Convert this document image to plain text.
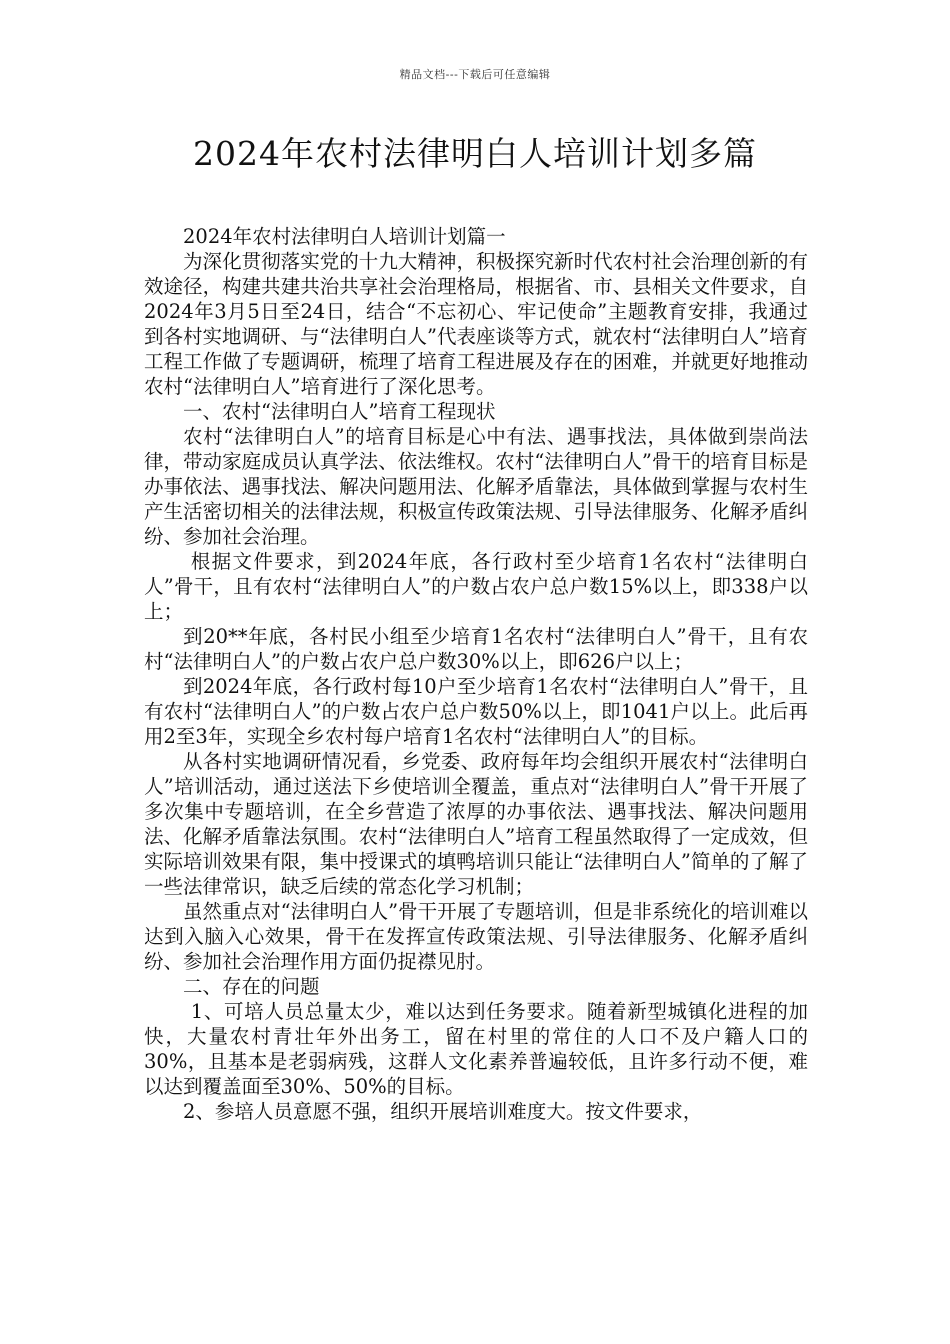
精品文档---下载后可任意编辑
2024年农村法律明白人培训计划多篇

2024年农村法律明白人培训计划篇一

为深化贯彻落实党的十九大精神，积极探究新时代农村社会治理创新的有效途径，构建共建共治共享社会治理格局，根据省、市、县相关文件要求，自2024年3月5日至24日，结合“不忘初心、牢记使命”主题教育安排，我通过到各村实地调研、与“法律明白人”代表座谈等方式，就农村“法律明白人”培育工程工作做了专题调研，梳理了培育工程进展及存在的困难，并就更好地推动农村“法律明白人”培育进行了深化思考。

一、农村“法律明白人”培育工程现状

农村“法律明白人”的培育目标是心中有法、遇事找法，具体做到崇尚法律，带动家庭成员认真学法、依法维权。农村“法律明白人”骨干的培育目标是办事依法、遇事找法、解决问题用法、化解矛盾靠法，具体做到掌握与农村生产生活密切相关的法律法规，积极宣传政策法规、引导法律服务、化解矛盾纠纷、参加社会治理。

根据文件要求，到2024年底，各行政村至少培育1名农村“法律明白人”骨干，且有农村“法律明白人”的户数占农户总户数15%以上，即338户以上；

到20**年底，各村民小组至少培育1名农村“法律明白人”骨干，且有农村“法律明白人”的户数占农户总户数30%以上，即626户以上；

到2024年底，各行政村每10户至少培育1名农村“法律明白人”骨干，且有农村“法律明白人”的户数占农户总户数50%以上，即1041户以上。此后再用2至3年，实现全乡农村每户培育1名农村“法律明白人”的目标。

从各村实地调研情况看，乡党委、政府每年均会组织开展农村“法律明白人”培训活动，通过送法下乡使培训全覆盖，重点对“法律明白人”骨干开展了多次集中专题培训，在全乡营造了浓厚的办事依法、遇事找法、解决问题用法、化解矛盾靠法氛围。农村“法律明白人”培育工程虽然取得了一定成效，但实际培训效果有限，集中授课式的填鸭培训只能让“法律明白人”简单的了解了一些法律常识，缺乏后续的常态化学习机制；

虽然重点对“法律明白人”骨干开展了专题培训，但是非系统化的培训难以达到入脑入心效果，骨干在发挥宣传政策法规、引导法律服务、化解矛盾纠纷、参加社会治理作用方面仍捉襟见肘。

二、存在的问题

1、可培人员总量太少，难以达到任务要求。随着新型城镇化进程的加快，大量农村青壮年外出务工，留在村里的常住的人口不及户籍人口的30%，且基本是老弱病残，这群人文化素养普遍较低，且许多行动不便，难以达到覆盖面至30%、50%的目标。

2、参培人员意愿不强，组织开展培训难度大。按文件要求，
